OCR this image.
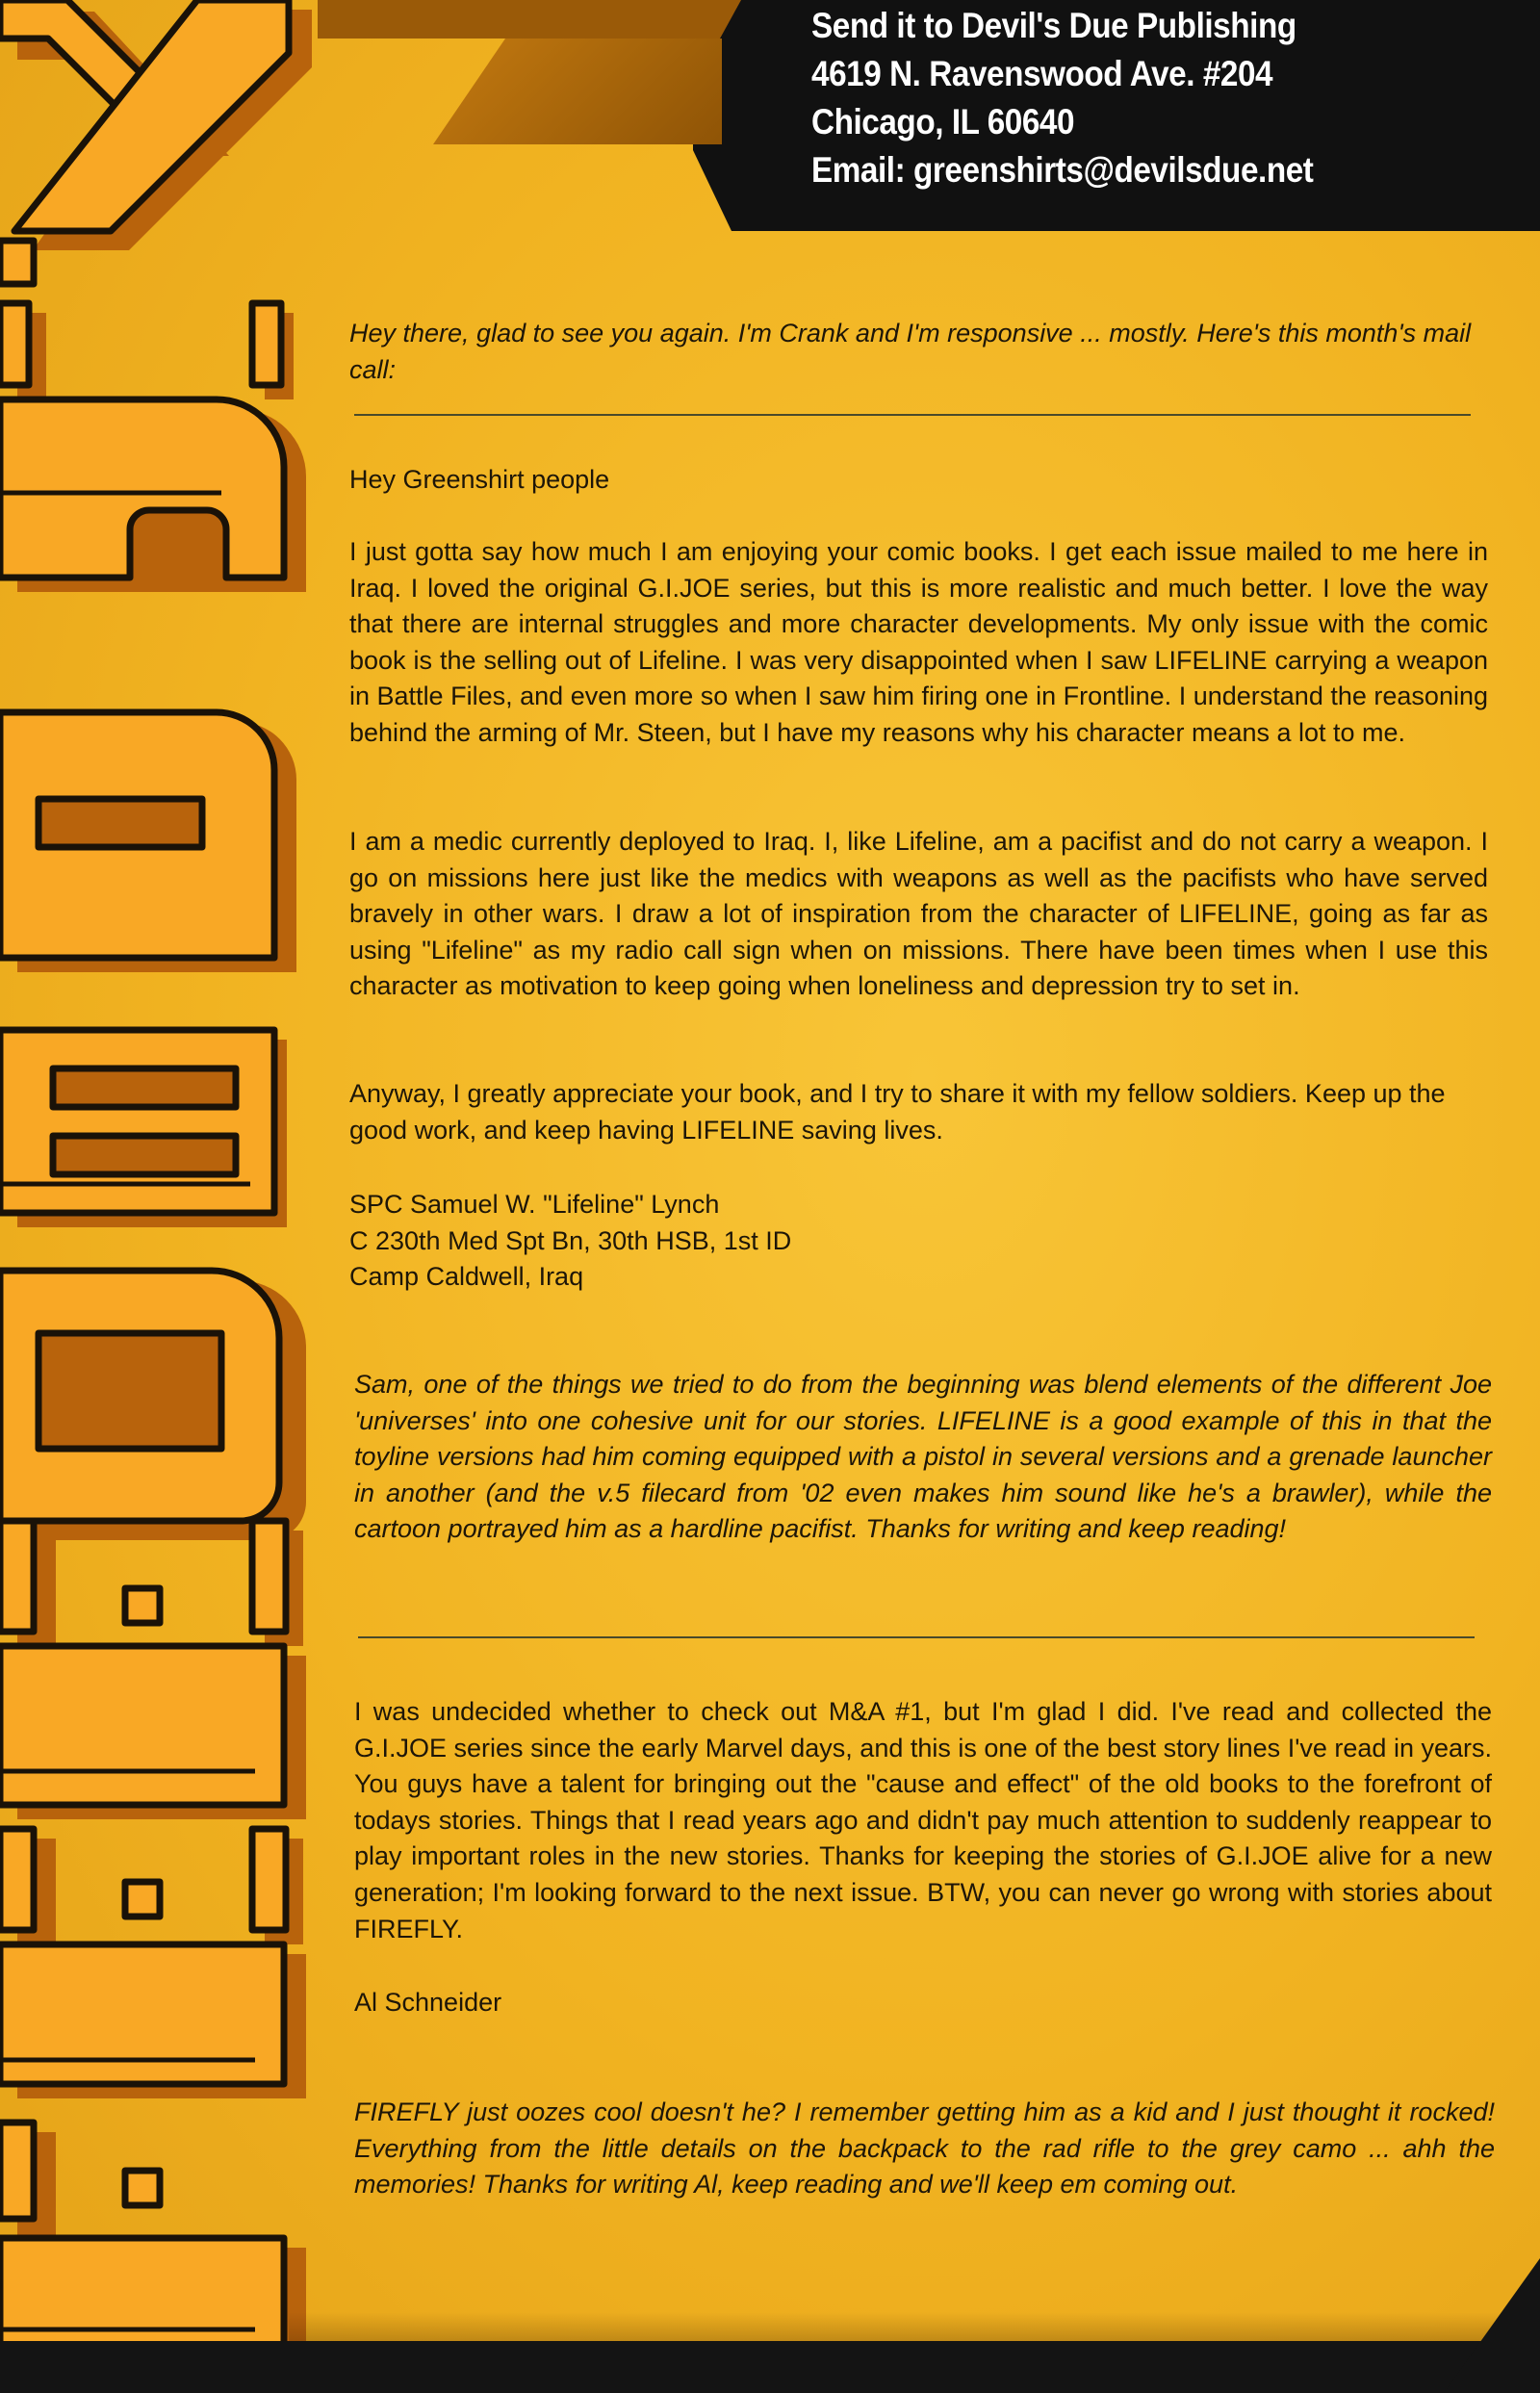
Send it to Devil's Due Publishing
4619 N. Ravenswood Ave. #204
Chicago, IL 60640
Email: greenshirts@devilsdue.net
Hey there, glad to see you again. I'm Crank and I'm responsive ... mostly. Here's this month's mail call:
Hey Greenshirt people
I just gotta say how much I am enjoying your comic books. I get each issue mailed to me here in Iraq. I loved the original G.I.JOE series, but this is more realistic and much better. I love the way that there are internal struggles and more character developments. My only issue with the comic book is the selling out of Lifeline. I was very disappointed when I saw LIFELINE carrying a weapon in Battle Files, and even more so when I saw him firing one in Frontline. I understand the reasoning behind the arming of Mr. Steen, but I have my reasons why his character means a lot to me.
I am a medic currently deployed to Iraq. I, like Lifeline, am a pacifist and do not carry a weapon. I go on missions here just like the medics with weapons as well as the pacifists who have served bravely in other wars. I draw a lot of inspiration from the character of LIFELINE, going as far as using "Lifeline" as my radio call sign when on missions. There have been times when I use this character as motivation to keep going when loneliness and depression try to set in.
Anyway, I greatly appreciate your book, and I try to share it with my fellow soldiers. Keep up the good work, and keep having LIFELINE saving lives.
SPC Samuel W. "Lifeline" Lynch
C 230th Med Spt Bn, 30th HSB, 1st ID
Camp Caldwell, Iraq
Sam, one of the things we tried to do from the beginning was blend elements of the different Joe 'universes' into one cohesive unit for our stories. LIFELINE is a good example of this in that the toyline versions had him coming equipped with a pistol in several versions and a grenade launcher in another (and the v.5 filecard from '02 even makes him sound like he's a brawler), while the cartoon portrayed him as a hardline pacifist. Thanks for writing and keep reading!
I was undecided whether to check out M&A #1, but I'm glad I did. I've read and collected the G.I.JOE series since the early Marvel days, and this is one of the best story lines I've read in years. You guys have a talent for bringing out the "cause and effect" of the old books to the forefront of todays stories. Things that I read years ago and didn't pay much attention to suddenly reappear to play important roles in the new stories. Thanks for keeping the stories of G.I.JOE alive for a new generation; I'm looking forward to the next issue. BTW, you can never go wrong with stories about FIREFLY.
Al Schneider
FIREFLY just oozes cool doesn't he? I remember getting him as a kid and I just thought it rocked! Everything from the little details on the backpack to the rad rifle to the grey camo ... ahh the memories! Thanks for writing Al, keep reading and we'll keep em coming out.
